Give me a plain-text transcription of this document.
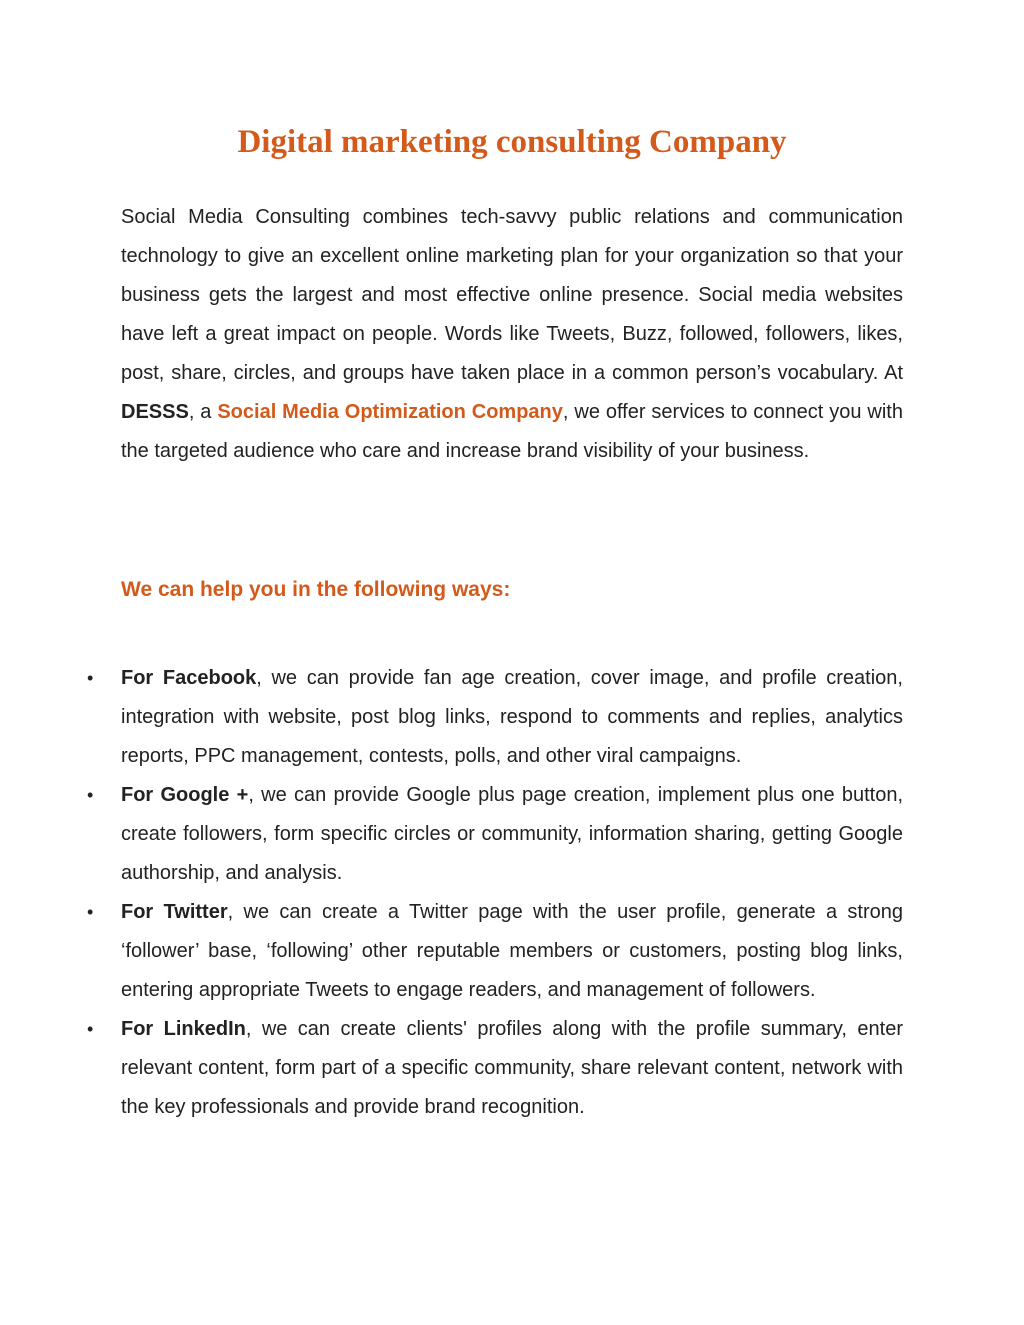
Digital marketing consulting Company

Social Media Consulting combines tech-savvy public relations and communication technology to give an excellent online marketing plan for your organization so that your business gets the largest and most effective online presence. Social media websites have left a great impact on people. Words like Tweets, Buzz, followed, followers, likes, post, share, circles, and groups have taken place in a common person’s vocabulary. At DESSS, a Social Media Optimization Company, we offer services to connect you with the targeted audience who care and increase brand visibility of your business.

We can help you in the following ways:
• For Facebook, we can provide fan age creation, cover image, and profile creation, integration with website, post blog links, respond to comments and replies, analytics reports, PPC management, contests, polls, and other viral campaigns.
• For Google +, we can provide Google plus page creation, implement plus one button, create followers, form specific circles or community, information sharing, getting Google authorship, and analysis.
• For Twitter, we can create a Twitter page with the user profile, generate a strong ‘follower’ base, ‘following’ other reputable members or customers, posting blog links, entering appropriate Tweets to engage readers, and management of followers.
• For LinkedIn, we can create clients' profiles along with the profile summary, enter relevant content, form part of a specific community, share relevant content, network with the key professionals and provide brand recognition.
